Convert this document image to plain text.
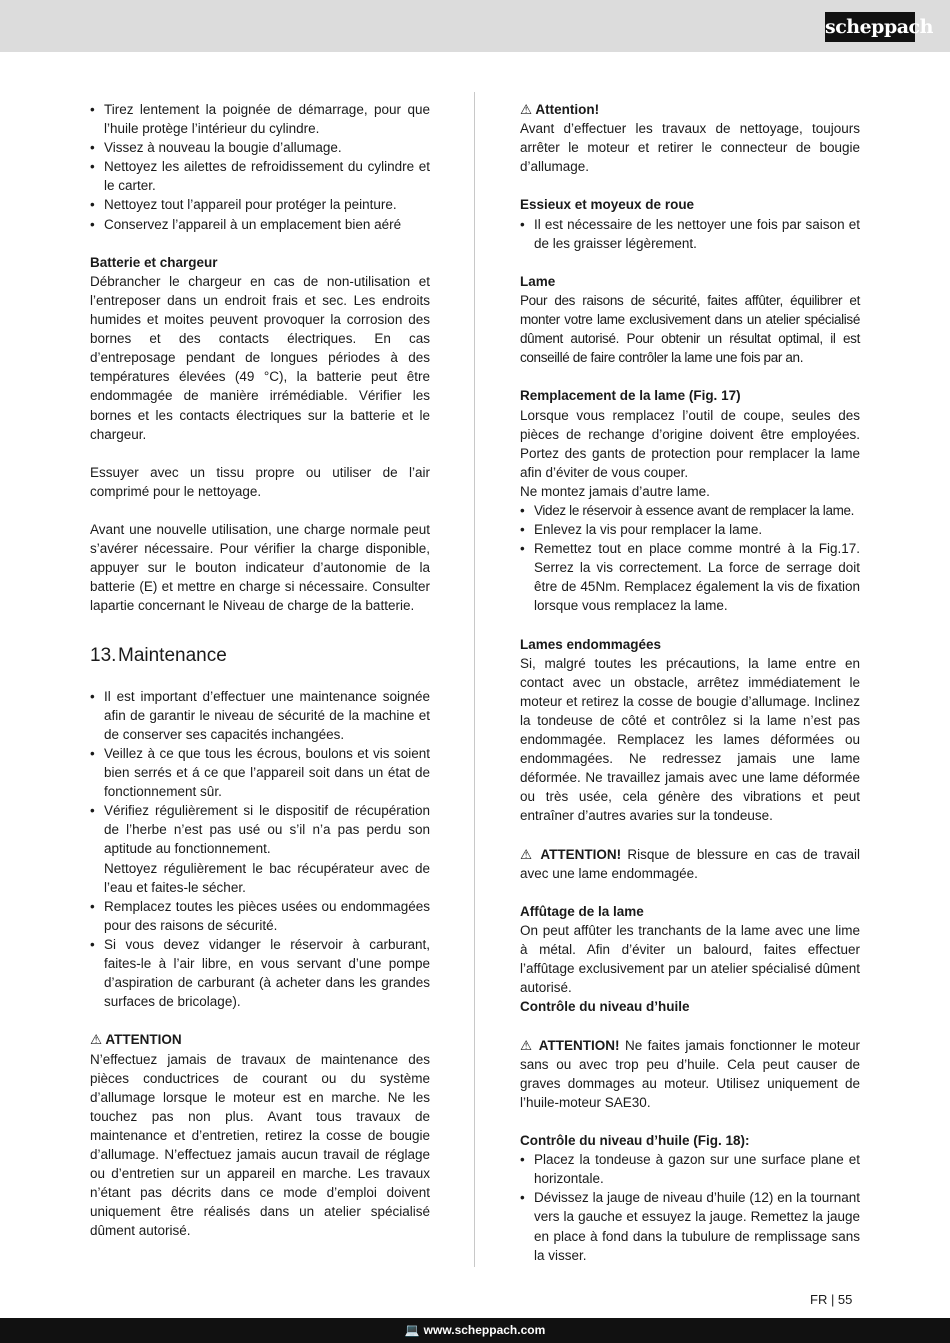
scheppach
• Tirez lentement la poignée de démarrage, pour que l’huile protège l’intérieur du cylindre.
• Vissez à nouveau la bougie d’allumage.
• Nettoyez les ailettes de refroidissement du cylindre et le carter.
• Nettoyez tout l’appareil pour protéger la peinture.
• Conservez l’appareil à un emplacement bien aéré

Batterie et chargeur

Débrancher le chargeur en cas de non-utilisation et l’entreposer dans un endroit frais et sec. Les endroits humides et moites peuvent provoquer la corrosion des bornes et des contacts électriques. En cas d’entreposage pendant de longues périodes à des températures élevées (49 °C), la batterie peut être endommagée de manière irrémédiable. Vérifier les bornes et les contacts électriques sur la batterie et le chargeur.

Essuyer avec un tissu propre ou utiliser de l’air comprimé pour le nettoyage.

Avant une nouvelle utilisation, une charge normale peut s’avérer nécessaire. Pour vérifier la charge disponible, appuyer sur le bouton indicateur d’autonomie de la batterie (E) et mettre en charge si nécessaire. Consulter lapartie concernant le Niveau de charge de la batterie.

13.Maintenance
• Il est important d’effectuer une maintenance soignée afin de garantir le niveau de sécurité de la machine et de conserver ses capacités inchangées.
• Veillez à ce que tous les écrous, boulons et vis soient bien serrés et á ce que l’appareil soit dans un état de fonctionnement sûr.
• Vérifiez régulièrement si le dispositif de récupération de l’herbe n’est pas usé ou s’il n’a pas perdu son aptitude au fonctionnement.
Nettoyez régulièrement le bac récupérateur avec de l’eau et faites-le sécher.
• Remplacez toutes les pièces usées ou endommagées pour des raisons de sécurité.
• Si vous devez vidanger le réservoir à carburant, faites-le à l’air libre, en vous servant d’une pompe d’aspiration de carburant (à acheter dans les grandes surfaces de bricolage).

⚠ ATTENTION

N’effectuez jamais de travaux de maintenance des pièces conductrices de courant ou du système d’allumage lorsque le moteur est en marche. Ne les touchez pas non plus. Avant tous travaux de maintenance et d’entretien, retirez la cosse de bougie d’allumage. N’effectuez jamais aucun travail de réglage ou d’entretien sur un appareil en marche. Les travaux n’étant pas décrits dans ce mode d’emploi doivent uniquement être réalisés dans un atelier spécialisé dûment autorisé.

⚠ Attention!

Avant d’effectuer les travaux de nettoyage, toujours arrêter le moteur et retirer le connecteur de bougie d’allumage.

Essieux et moyeux de roue

• Il est nécessaire de les nettoyer une fois par saison et de les graisser légèrement.

Lame

Pour des raisons de sécurité, faites affûter, équilibrer et monter votre lame exclusivement dans un atelier spécialisé dûment autorisé. Pour obtenir un résultat optimal, il est conseillé de faire contrôler la lame une fois par an.

Remplacement de la lame (Fig. 17)

Lorsque vous remplacez l’outil de coupe, seules des pièces de rechange d’origine doivent être employées. Portez des gants de protection pour remplacer la lame afin d’éviter de vous couper.

Ne montez jamais d’autre lame.

• Videz le réservoir à essence avant de remplacer la lame.
• Enlevez la vis pour remplacer la lame.
• Remettez tout en place comme montré à la Fig.17. Serrez la vis correctement. La force de serrage doit être de 45Nm. Remplacez également la vis de fixation lorsque vous remplacez la lame.

Lames endommagées

Si, malgré toutes les précautions, la lame entre en contact avec un obstacle, arrêtez immédiatement le moteur et retirez la cosse de bougie d’allumage. Inclinez la tondeuse de côté et contrôlez si la lame n’est pas endommagée. Remplacez les lames déformées ou endommagées. Ne redressez jamais une lame déformée. Ne travaillez jamais avec une lame déformée ou très usée, cela génère des vibrations et peut entraîner d’autres avaries sur la tondeuse.

⚠ ATTENTION! Risque de blessure en cas de travail avec une lame endommagée.

Affûtage de la lame

On peut affûter les tranchants de la lame avec une lime à métal. Afin d’éviter un balourd, faites effectuer l’affûtage exclusivement par un atelier spécialisé dûment autorisé.

Contrôle du niveau d’huile

⚠ ATTENTION! Ne faites jamais fonctionner le moteur sans ou avec trop peu d’huile. Cela peut causer de graves dommages au moteur. Utilisez uniquement de l’huile-moteur SAE30.

Contrôle du niveau d’huile (Fig. 18):

• Placez la tondeuse à gazon sur une surface plane et horizontale.
• Dévissez la jauge de niveau d’huile (12) en la tournant vers la gauche et essuyez la jauge. Remettez la jauge en place à fond dans la tubulure de remplissage sans la visser.
FR | 55
💻 www.scheppach.com
